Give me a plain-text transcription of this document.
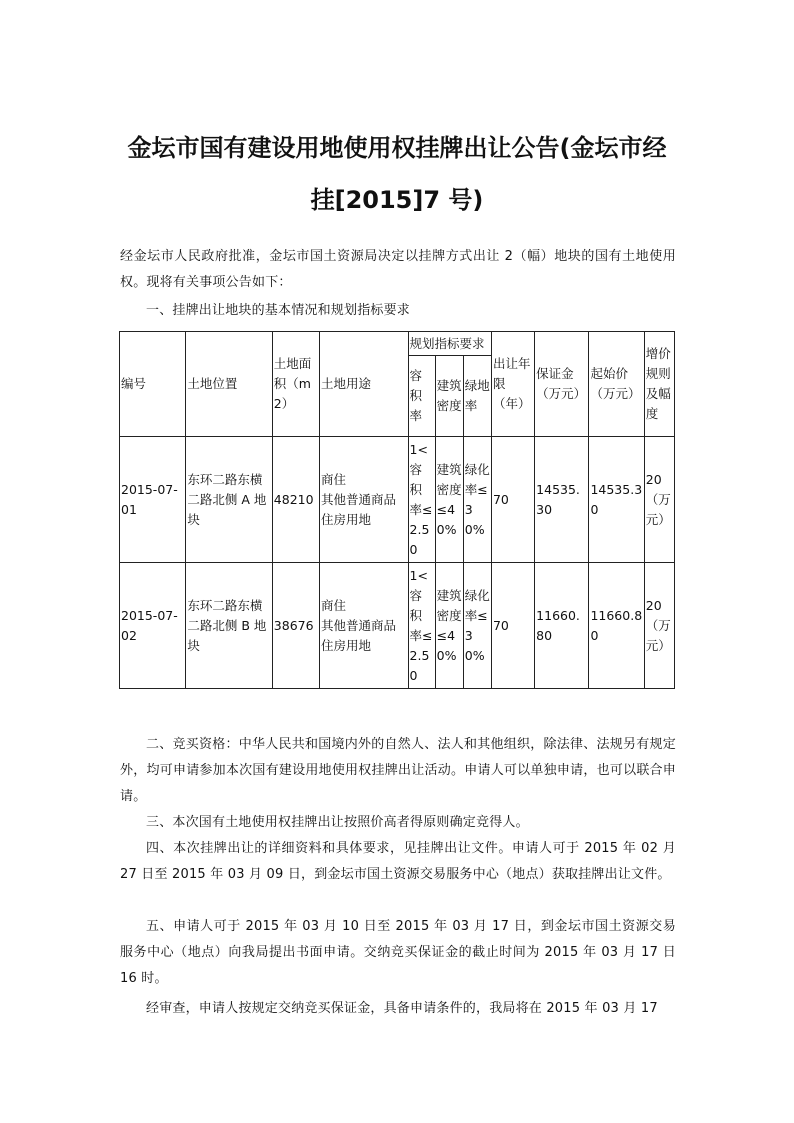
金坛市国有建设用地使用权挂牌出让公告(金坛市经
挂[2015]7 号)
经金坛市人民政府批准，金坛市国土资源局决定以挂牌方式出让 2（幅）地块的国有土地使用权。现将有关事项公告如下：
一、挂牌出让地块的基本情况和规划指标要求
编号	土地位置	土地面积（m2）	土地用途	规划指标要求			出让年限（年）	保证金（万元）	起始价（万元）	增价规则及幅度
				容积率	建筑密度	绿地率				
2015-07-01	东环二路东横二路北侧 A 地块	48210	商住
其他普通商品住房用地	1<容积率≤2.50	建筑密度≤40%	绿化率≤30%	70	14535.30	14535.30	20（万元）
2015-07-02	东环二路东横二路北侧 B 地块	38676	商住
其他普通商品住房用地	1<容积率≤2.50	建筑密度≤40%	绿化率≤30%	70	11660.80	11660.80	20（万元）
二、竞买资格：中华人民共和国境内外的自然人、法人和其他组织，除法律、法规另有规定外，均可申请参加本次国有建设用地使用权挂牌出让活动。申请人可以单独申请，也可以联合申请。
三、本次国有土地使用权挂牌出让按照价高者得原则确定竞得人。
四、本次挂牌出让的详细资料和具体要求，见挂牌出让文件。申请人可于 2015 年 02 月 27 日至 2015 年 03 月 09 日，到金坛市国土资源交易服务中心（地点）获取挂牌出让文件。
五、申请人可于 2015 年 03 月 10 日至 2015 年 03 月 17 日，到金坛市国土资源交易服务中心（地点）向我局提出书面申请。交纳竞买保证金的截止时间为 2015 年 03 月 17 日 16 时。
经审查，申请人按规定交纳竞买保证金，具备申请条件的，我局将在 2015 年 03 月 17
